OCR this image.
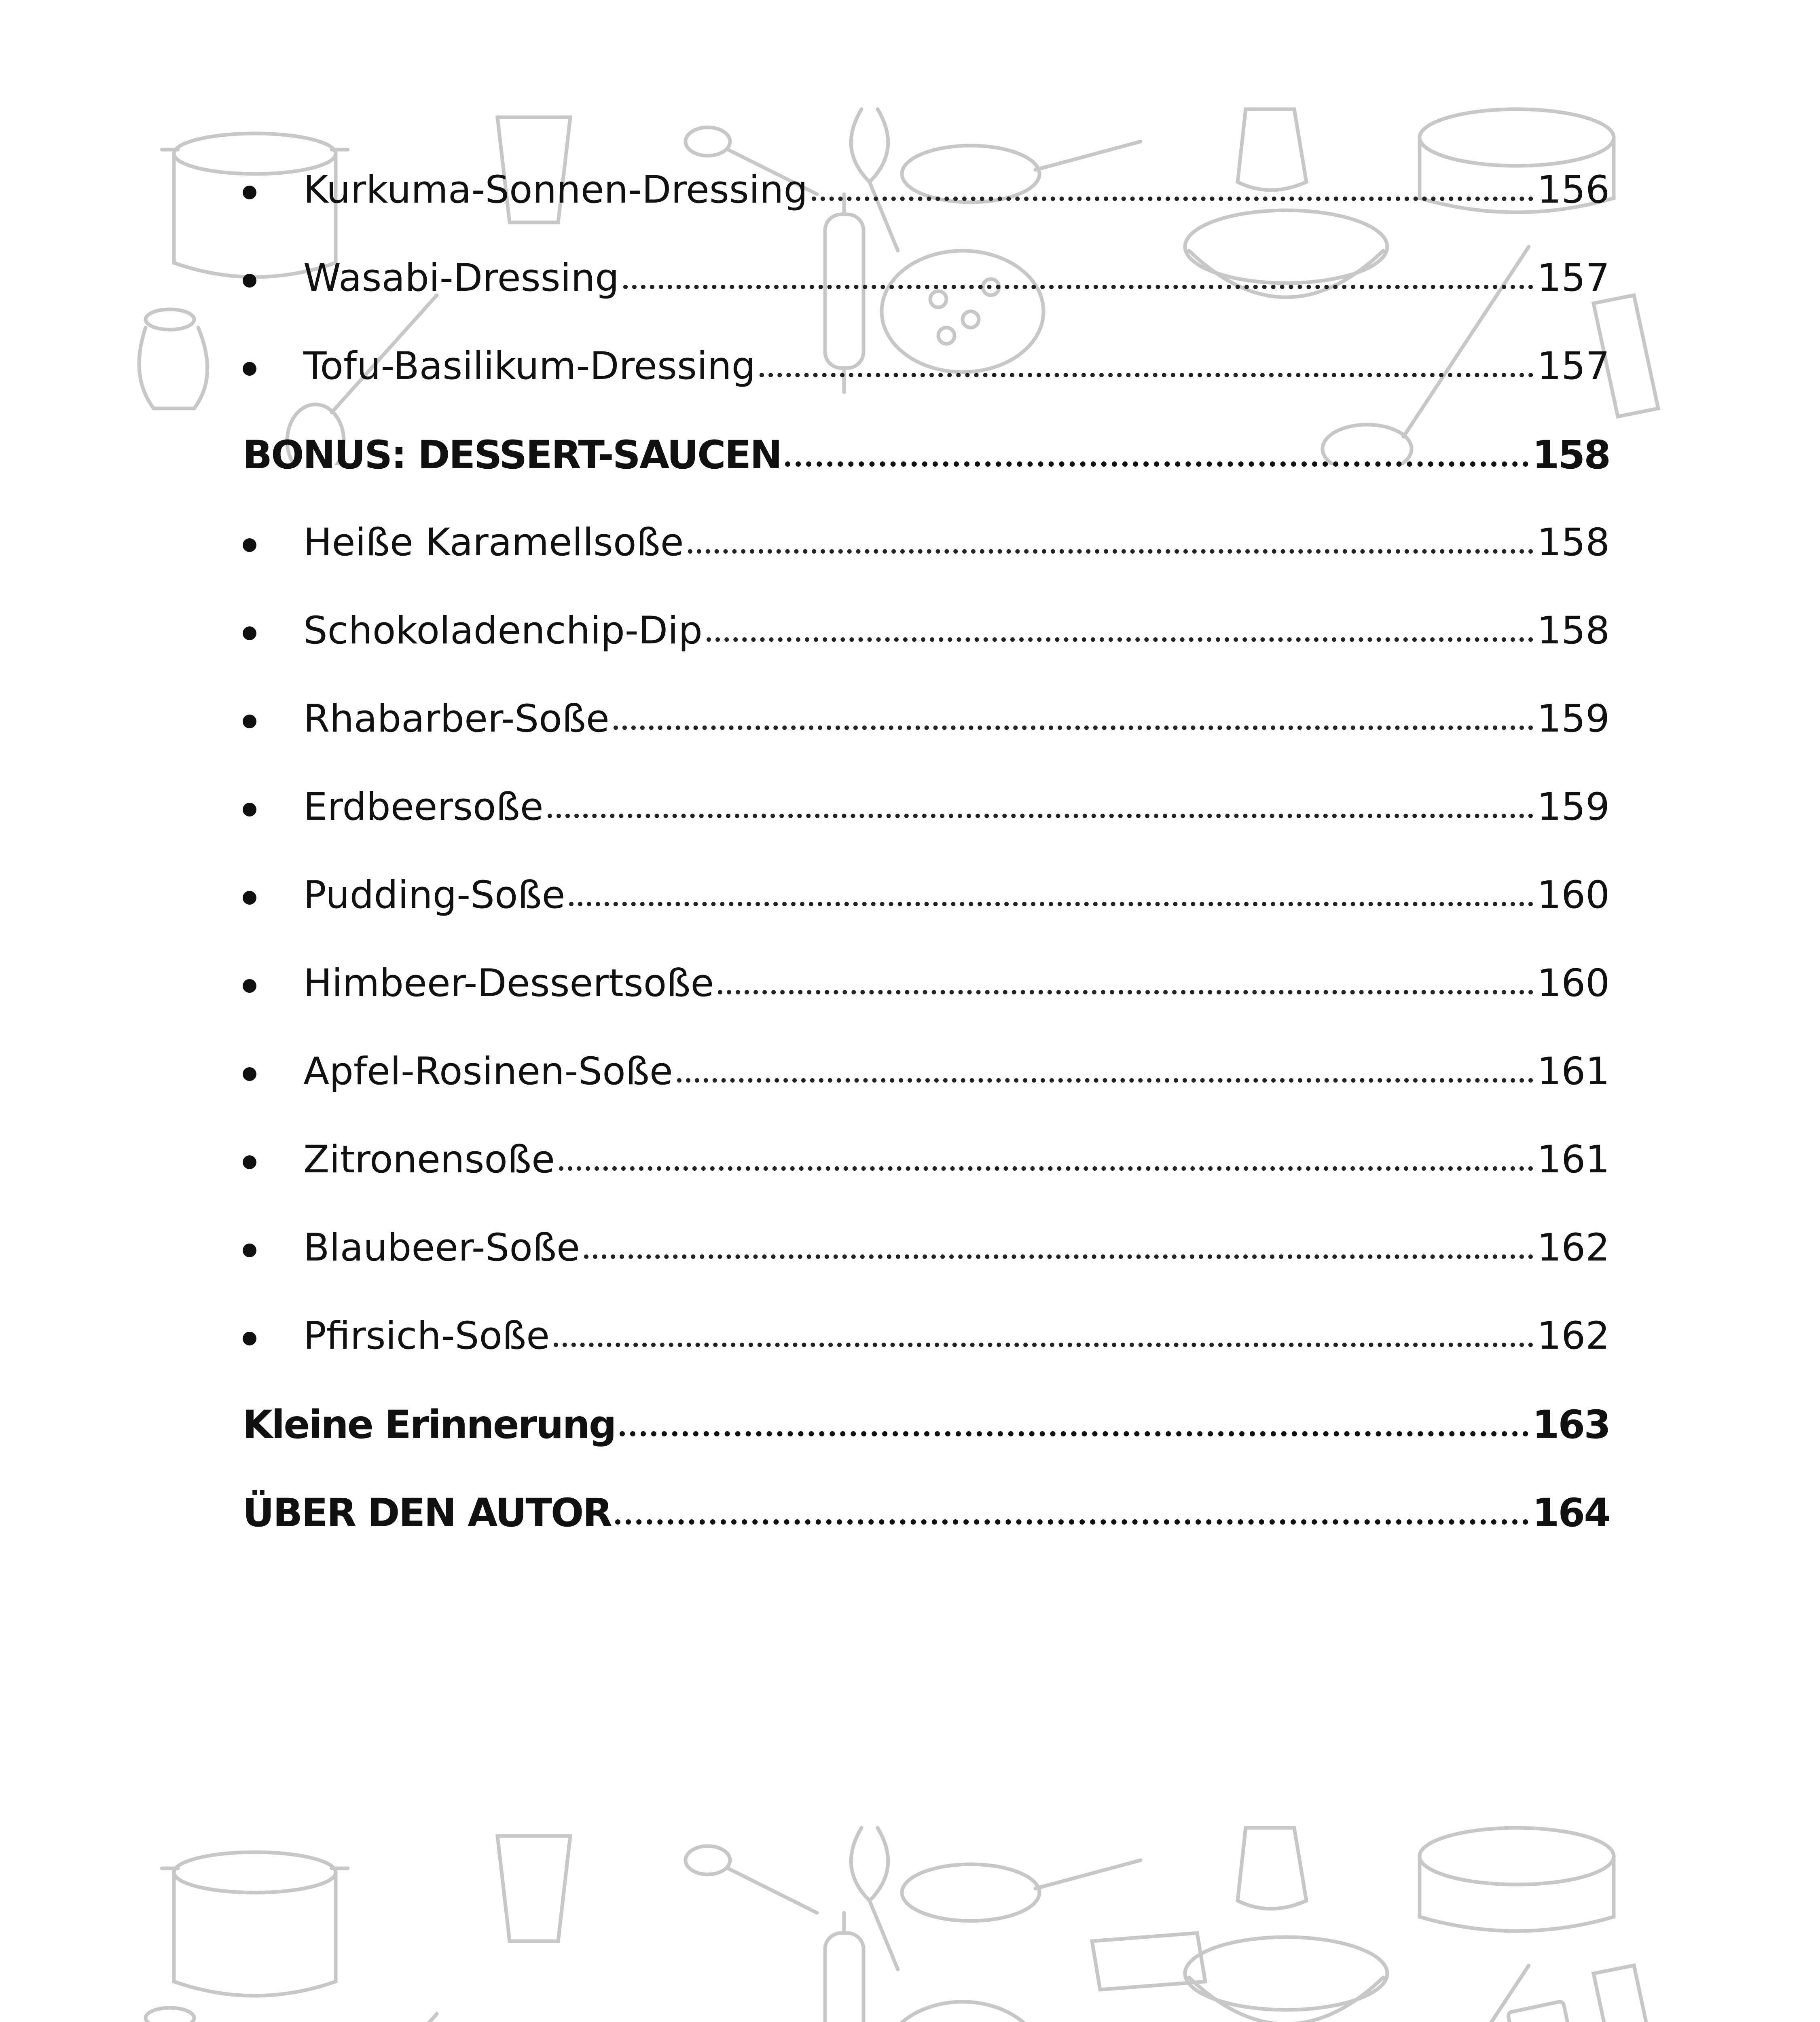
Kurkuma-Sonnen-Dressing	156
Wasabi-Dressing	157
Tofu-Basilikum-Dressing	157
BONUS: DESSERT-SAUCEN	158
Heiße Karamellsoße	158
Schokoladenchip-Dip	158
Rhabarber-Soße	159
Erdbeersoße	159
Pudding-Soße	160
Himbeer-Dessertsoße	160
Apfel-Rosinen-Soße	161
Zitronensoße	161
Blaubeer-Soße	162
Pfirsich-Soße	162
Kleine Erinnerung	163
ÜBER DEN AUTOR	164
